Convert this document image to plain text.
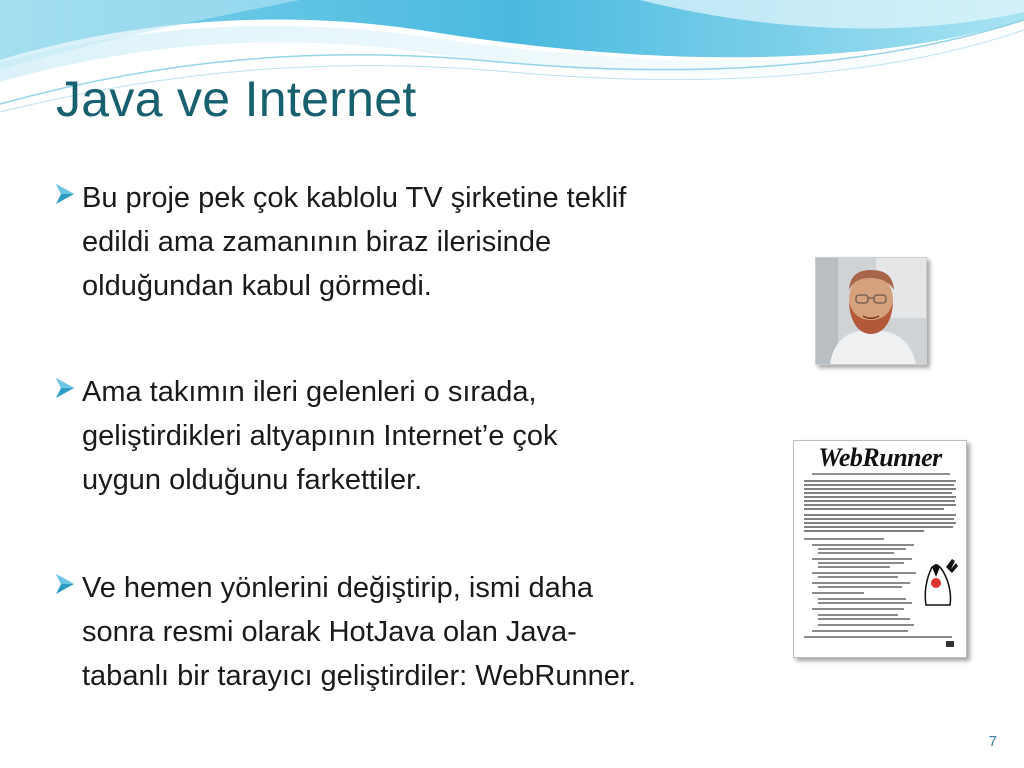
Java ve Internet
Bu proje pek çok kablolu TV şirketine teklif
edildi ama zamanının biraz ilerisinde
olduğundan kabul görmedi.
Ama takımın ileri gelenleri o sırada,
geliştirdikleri altyapının Internet’e çok
uygun olduğunu farkettiler.
Ve hemen yönlerini değiştirip, ismi daha
sonra resmi olarak HotJava olan Java-
tabanlı bir tarayıcı geliştirdiler: WebRunner.
WebRunner
7
